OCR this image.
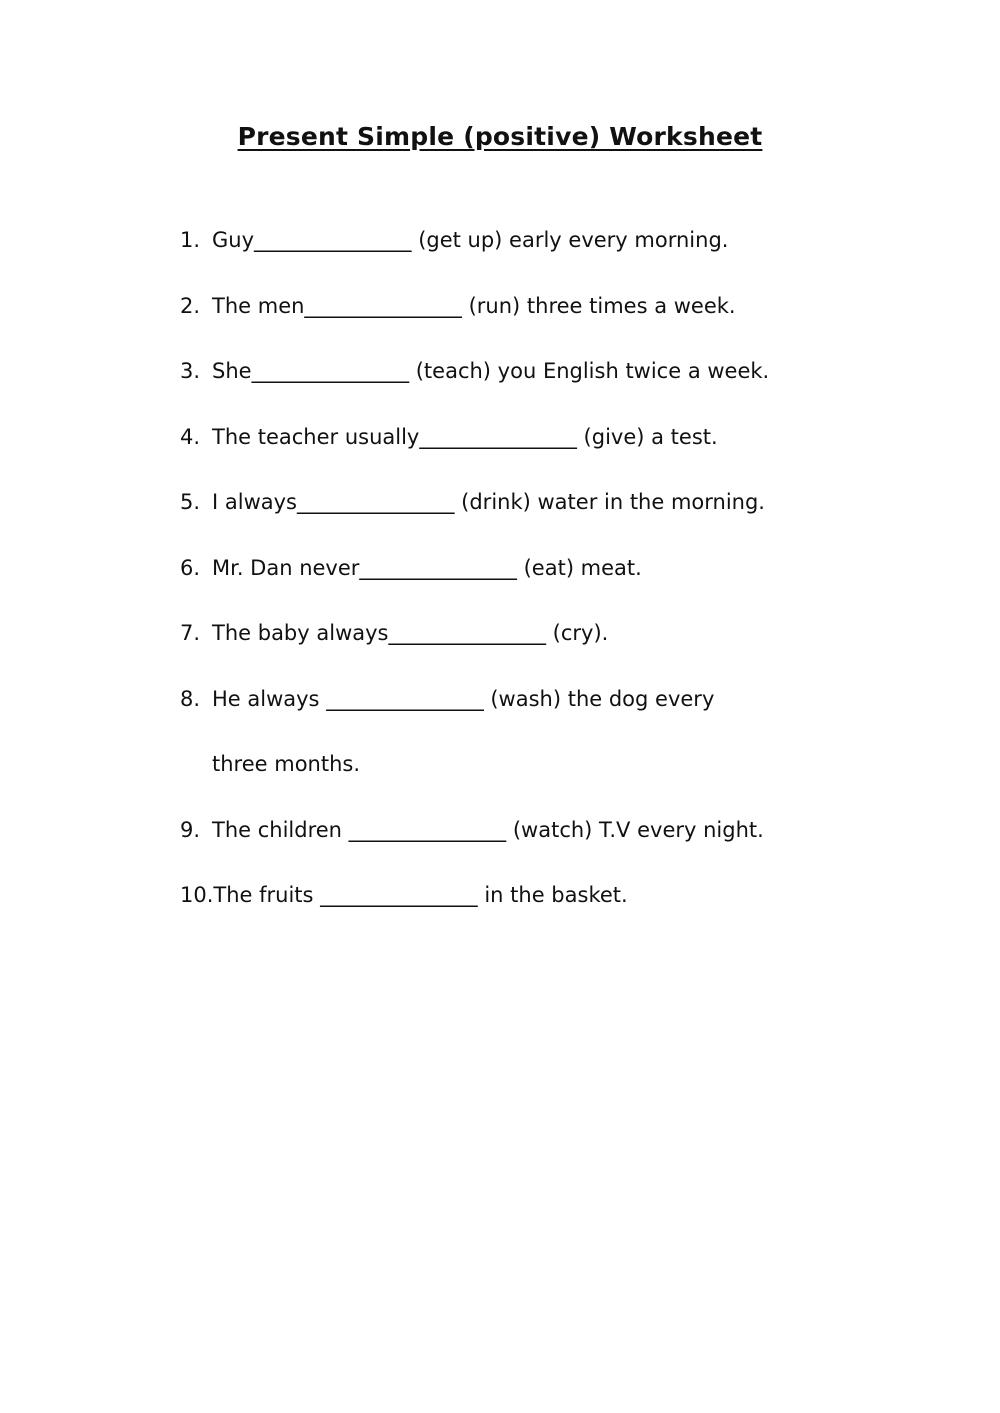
Present Simple (positive) Worksheet
1. Guy_______________ (get up) early every morning.
2. The men_______________ (run) three times a week.
3. She_______________ (teach) you English twice a week.
4. The teacher usually_______________ (give) a test.
5. I always_______________ (drink) water in the morning.
6. Mr. Dan never_______________ (eat) meat.
7. The baby always_______________ (cry).
8. He always _______________ (wash) the dog every
three months.
9. The children _______________ (watch) T.V every night.
10.The fruits _______________ in the basket.
